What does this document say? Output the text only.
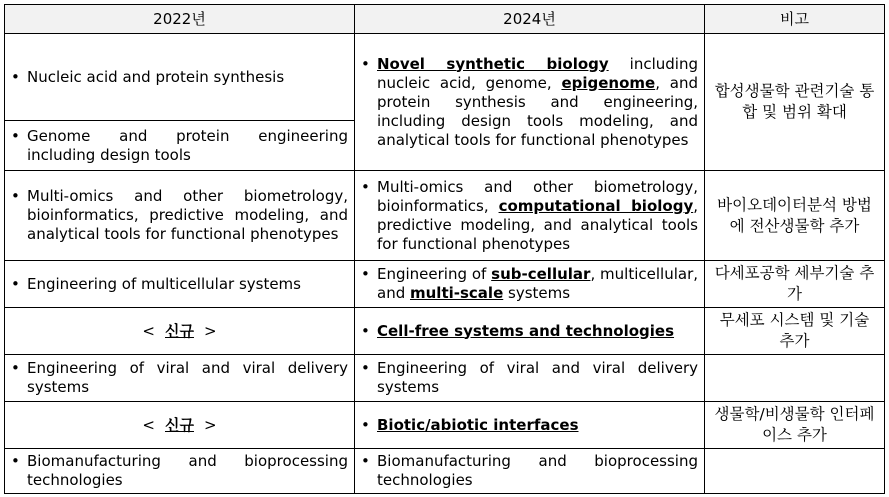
2022년	2024년	비고

• Nucleic acid and protein synthesis	• Novel synthetic biology including nucleic acid, genome, epigenome, and protein synthesis and engineering, including design tools modeling, and analytical tools for functional phenotypes	합성생물학 관련기술 통합 및 범위 확대

• Genome and protein engineering including design tools		

• Multi-omics and other biometrology, bioinformatics, predictive modeling, and analytical tools for functional phenotypes	• Multi-omics and other biometrology, bioinformatics, computational biology, predictive modeling, and analytical tools for functional phenotypes	바이오데이터분석 방법에 전산생물학 추가

• Engineering of multicellular systems	• Engineering of sub-cellular, multicellular, and multi-scale systems	다세포공학 세부기술 추가
< 신규 >	• Cell-free systems and technologies	무세포 시스템 및 기술 추가

• Engineering of viral and viral delivery systems	• Engineering of viral and viral delivery systems	

< 신규 >	• Biotic/abiotic interfaces	생물학/비생물학 인터페이스 추가

• Biomanufacturing and bioprocessing technologies	• Biomanufacturing and bioprocessing technologies	
